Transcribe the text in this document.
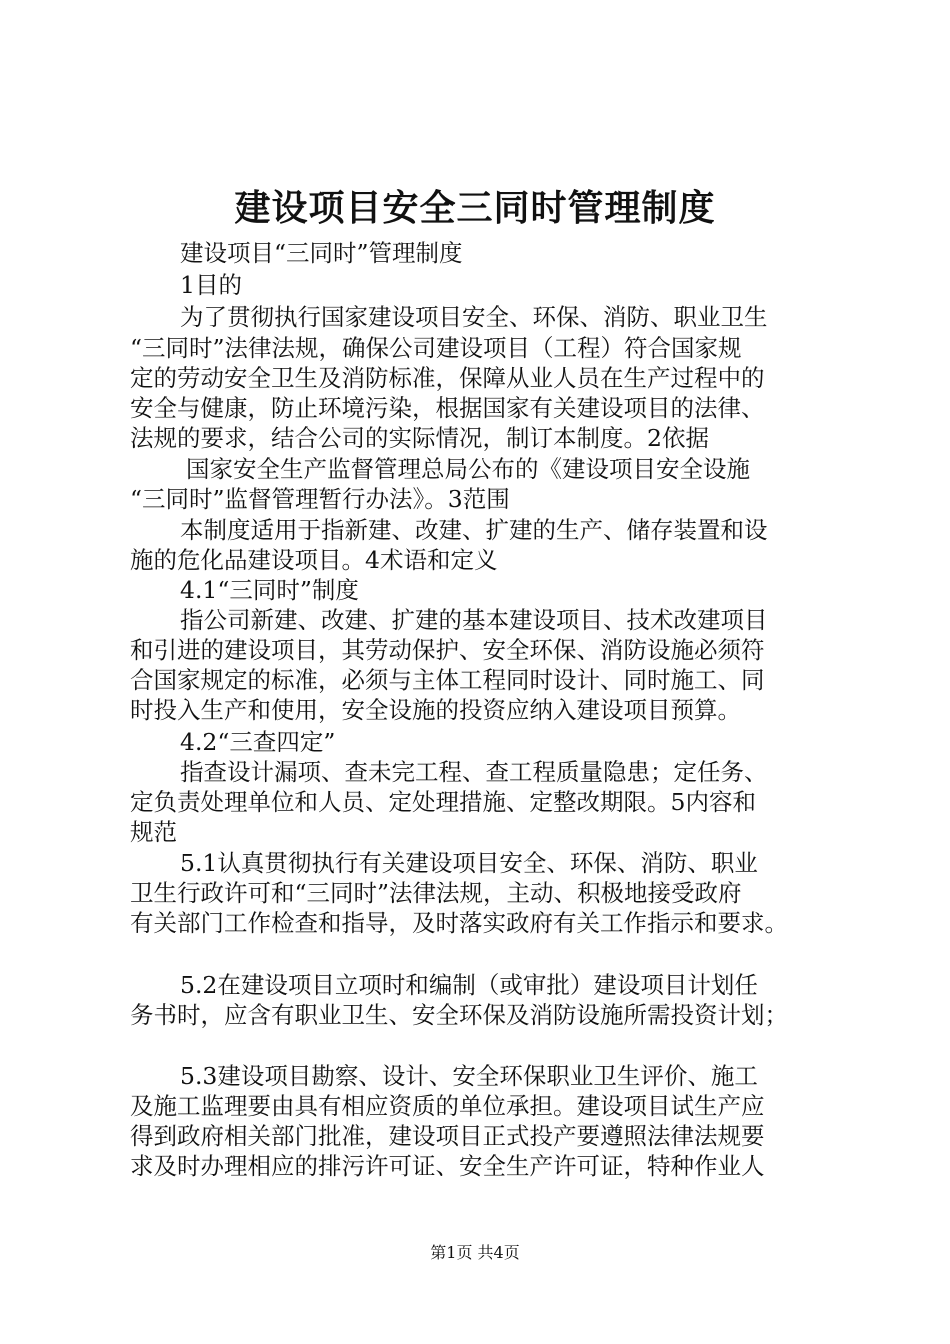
建设项目安全三同时管理制度
建设项目“三同时”管理制度
1目的
为了贯彻执行国家建设项目安全、环保、消防、职业卫生
“三同时”法律法规，确保公司建设项目（工程）符合国家规
定的劳动安全卫生及消防标准，保障从业人员在生产过程中的
安全与健康，防止环境污染，根据国家有关建设项目的法律、
法规的要求，结合公司的实际情况，制订本制度。2依据
国家安全生产监督管理总局公布的《建设项目安全设施
“三同时”监督管理暂行办法》。3范围
本制度适用于指新建、改建、扩建的生产、储存装置和设
施的危化品建设项目。4术语和定义
4.1“三同时”制度
指公司新建、改建、扩建的基本建设项目、技术改建项目
和引进的建设项目，其劳动保护、安全环保、消防设施必须符
合国家规定的标准，必须与主体工程同时设计、同时施工、同
时投入生产和使用，安全设施的投资应纳入建设项目预算。
4.2“三查四定”
指查设计漏项、查未完工程、查工程质量隐患；定任务、
定负责处理单位和人员、定处理措施、定整改期限。5内容和
规范
5.1认真贯彻执行有关建设项目安全、环保、消防、职业
卫生行政许可和“三同时”法律法规，主动、积极地接受政府
有关部门工作检查和指导，及时落实政府有关工作指示和要求。
5.2在建设项目立项时和编制（或审批）建设项目计划任
务书时，应含有职业卫生、安全环保及消防设施所需投资计划；
5.3建设项目勘察、设计、安全环保职业卫生评价、施工
及施工监理要由具有相应资质的单位承担。建设项目试生产应
得到政府相关部门批准，建设项目正式投产要遵照法律法规要
求及时办理相应的排污许可证、安全生产许可证，特种作业人
第1页 共4页
